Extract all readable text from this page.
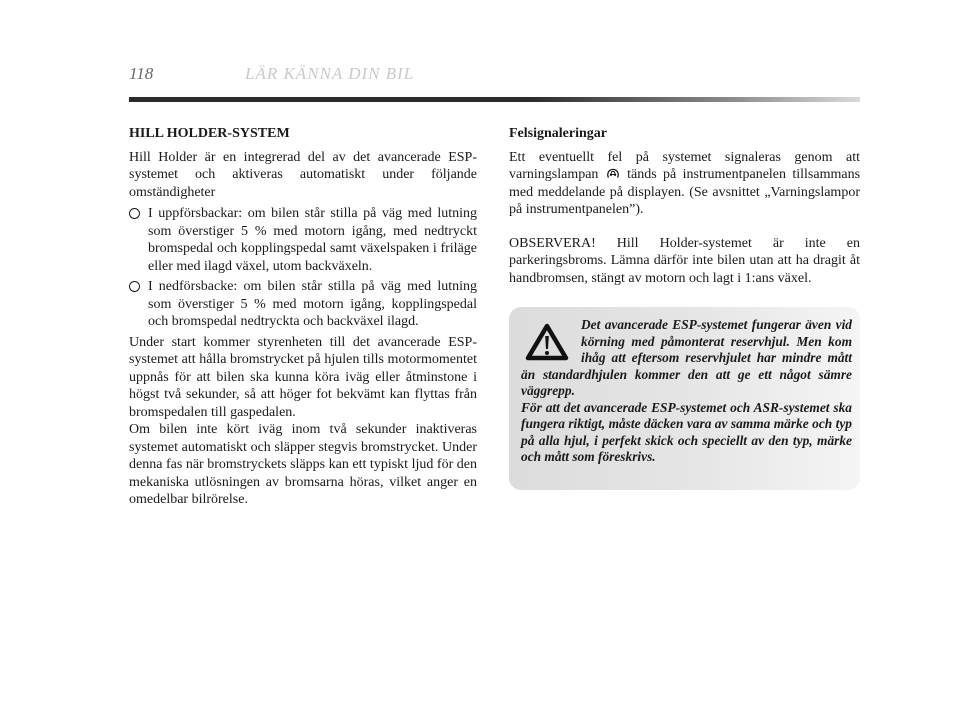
118	LÄR KÄNNA DIN BIL

HILL HOLDER-SYSTEM

Hill Holder är en integrerad del av det avancerade ESP-systemet och aktiveras automatiskt under följande omständigheter

I uppförsbackar: om bilen står stilla på väg med lutning som överstiger 5 % med motorn igång, med nedtryckt bromspedal och kopplingspedal samt växelspaken i friläge eller med ilagd växel, utom backväxeln.
I nedförsbacke: om bilen står stilla på väg med lutning som överstiger 5 % med motorn igång, kopplingspedal och bromspedal nedtryckta och backväxel ilagd.

Under start kommer styrenheten till det avancerade ESP-systemet att hålla bromstrycket på hjulen tills motormomentet uppnås för att bilen ska kunna köra iväg eller åtminstone i högst två sekunder, så att höger fot bekvämt kan flyttas från bromspedalen till gaspedalen.

Om bilen inte kört iväg inom två sekunder inaktiveras systemet automatiskt och släpper stegvis bromstrycket. Under denna fas när bromstryckets släpps kan ett typiskt ljud för den mekaniska utlösningen av bromsarna höras, vilket anger en omedelbar bilrörelse.

Felsignaleringar

Ett eventuellt fel på systemet signaleras genom att varningslampan tänds på instrumentpanelen tillsammans med meddelande på displayen. (Se avsnittet „Varningslampor på instrumentpanelen”).

OBSERVERA! Hill Holder-systemet är inte en parkeringsbroms. Lämna därför inte bilen utan att ha dragit åt handbromsen, stängt av motorn och lagt i 1:ans växel.

Det avancerade ESP-systemet fungerar även vid körning med påmonterat reservhjul. Men kom ihåg att eftersom reservhjulet har mindre mått än standardhjulen kommer den att ge ett något sämre väggrepp.
För att det avancerade ESP-systemet och ASR-systemet ska fungera riktigt, måste däcken vara av samma märke och typ på alla hjul, i perfekt skick och speciellt av den typ, märke och mått som föreskrivs.
